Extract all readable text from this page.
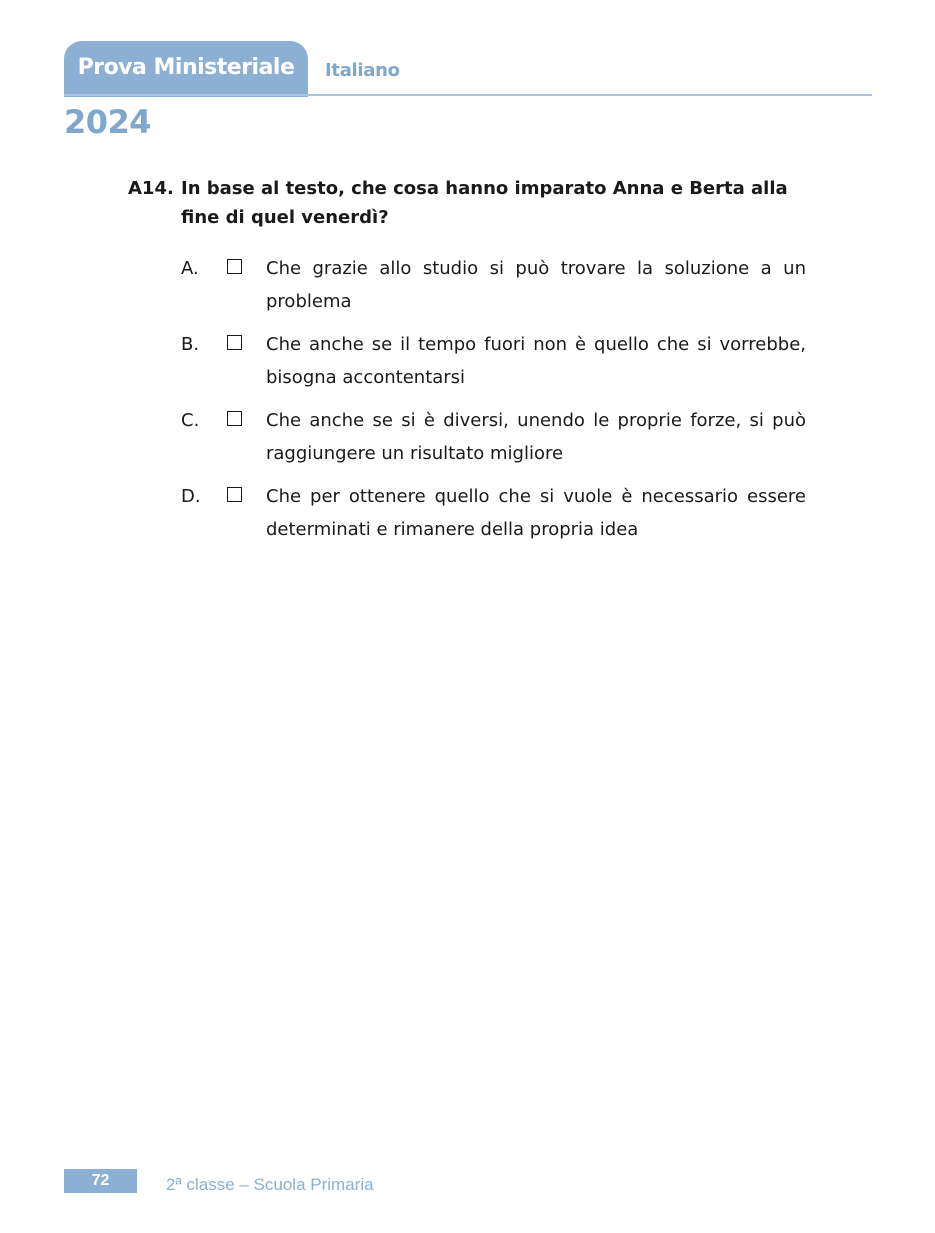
Prova Ministeriale Italiano
2024
A14. In base al testo, che cosa hanno imparato Anna e Berta alla fine di quel venerdì?
A.	Che grazie allo studio si può trovare la soluzione a un problema
B.	Che anche se il tempo fuori non è quello che si vorrebbe, bisogna accontentarsi
C.	Che anche se si è diversi, unendo le proprie forze, si può raggiungere un risultato migliore
D.	Che per ottenere quello che si vuole è necessario essere determinati e rimanere della propria idea
72	2ª classe – Scuola Primaria
